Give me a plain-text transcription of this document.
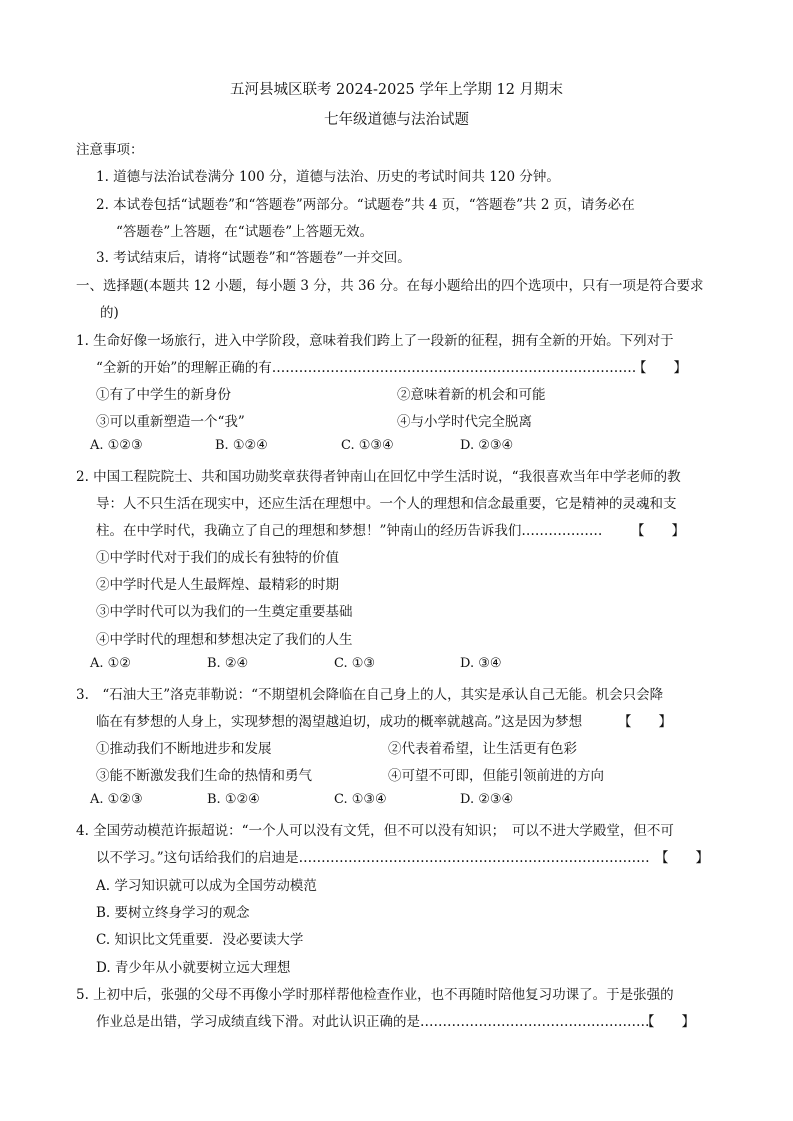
五河县城区联考 2024-2025 学年上学期 12 月期末
七年级道德与法治试题
注意事项：
1. 道德与法治试卷满分 100 分，道德与法治、历史的考试时间共 120 分钟。
2. 本试卷包括“试题卷”和“答题卷”两部分。“试题卷”共 4 页，“答题卷”共 2 页，请务必在
“答题卷”上答题，在“试题卷”上答题无效。
3. 考试结束后，请将“试题卷”和“答题卷”一并交回。
一、选择题(本题共 12 小题，每小题 3 分，共 36 分。在每小题给出的四个选项中，只有一项是符合要求
的)
1. 生命好像一场旅行，进入中学阶段，意味着我们跨上了一段新的征程，拥有全新的开始。下列对于
“全新的开始”的理解正确的有………………………………………………………………………
【　　】
①有了中学生的新身份	②意味着新的机会和可能
③可以重新塑造一个“我”	④与小学时代完全脱离
A. ①②③	B. ①②④	C. ①③④	D. ②③④
2. 中国工程院院士、共和国功勋奖章获得者钟南山在回忆中学生活时说，“我很喜欢当年中学老师的教
导：人不只生活在现实中，还应生活在理想中。一个人的理想和信念最重要，它是精神的灵魂和支
柱。在中学时代，我确立了自己的理想和梦想！”钟南山的经历告诉我们……………… 【　　】
①中学时代对于我们的成长有独特的价值
②中学时代是人生最辉煌、最精彩的时期
③中学时代可以为我们的一生奠定重要基础
④中学时代的理想和梦想决定了我们的人生
A. ①②	B. ②④	C. ①③	D. ③④
3.　“石油大王”洛克菲勒说：“不期望机会降临在自己身上的人，其实是承认自己无能。机会只会降
临在有梦想的人身上，实现梦想的渴望越迫切，成功的概率就越高。”这是因为梦想	【　　】
①推动我们不断地进步和发展	②代表着希望，让生活更有色彩
③能不断激发我们生命的热情和勇气	④可望不可即，但能引领前进的方向
A. ①②③	B. ①②④	C. ①③④	D. ②③④
4. 全国劳动模范许振超说：“一个人可以没有文凭，但不可以没有知识；　可以不进大学殿堂，但不可
以不学习。”这句话给我们的启迪是…………………………………………………………………… 【　　】
A. 学习知识就可以成为全国劳动模范
B. 要树立终身学习的观念
C. 知识比文凭重要．没必要读大学
D. 青少年从小就要树立远大理想
5. 上初中后，张强的父母不再像小学时那样帮他检查作业，也不再随时陪他复习功课了。于是张强的
作业总是出错，学习成绩直线下滑。对此认识正确的是……………………………………………
【　　】
